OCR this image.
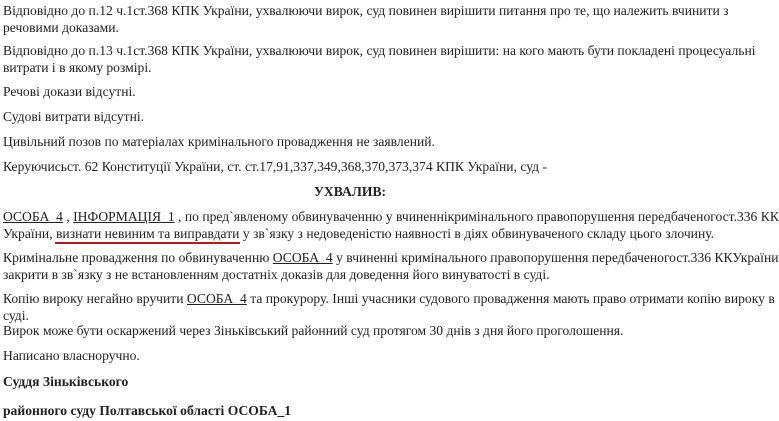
Відповідно до п.12 ч.1ст.368 КПК України, ухвалюючи вирок, суд повинен вирішити питання про те, що належить вчинити з
речовими доказами.

Відповідно до п.13 ч.1ст.368 КПК України, ухвалюючи вирок, суд повинен вирішити: на кого мають бути покладені процесуальні
витрати і в якому розмірі.

Речові докази відсутні.

Судові витрати відсутні.

Цивільний позов по матеріалах кримінального провадження не заявлений.

Керуючисьст. 62 Конституції України, ст. ст.17,91,337,349,368,370,373,374 КПК України, суд -

УХВАЛИВ:

ОСОБА_4 , ІНФОРМАЦІЯ_1 , по пред`явленому обвинуваченню у вчиненнікримінального правопорушення передбаченогост.336 КК
України, визнати невиним та виправдати у зв`язку з недоведеністю наявності в діях обвинуваченого складу цього злочину.

Кримінальне провадження по обвинуваченню ОСОБА_4 у вчиненні кримінального правопорушення передбаченогост.336 ККУкраїни
закрити в зв`язку з не встановленням достатніх доказів для доведення його винуватості в суді.

Копію вироку негайно вручити ОСОБА_4 та прокурору. Інші учасники судового провадження мають право отримати копію вироку в
суді.

Вирок може бути оскаржений через Зіньківський районний суд протягом 30 днів з дня його проголошення.

Написано власноручно.

Суддя Зіньківського

районного суду Полтавської області ОСОБА_1
